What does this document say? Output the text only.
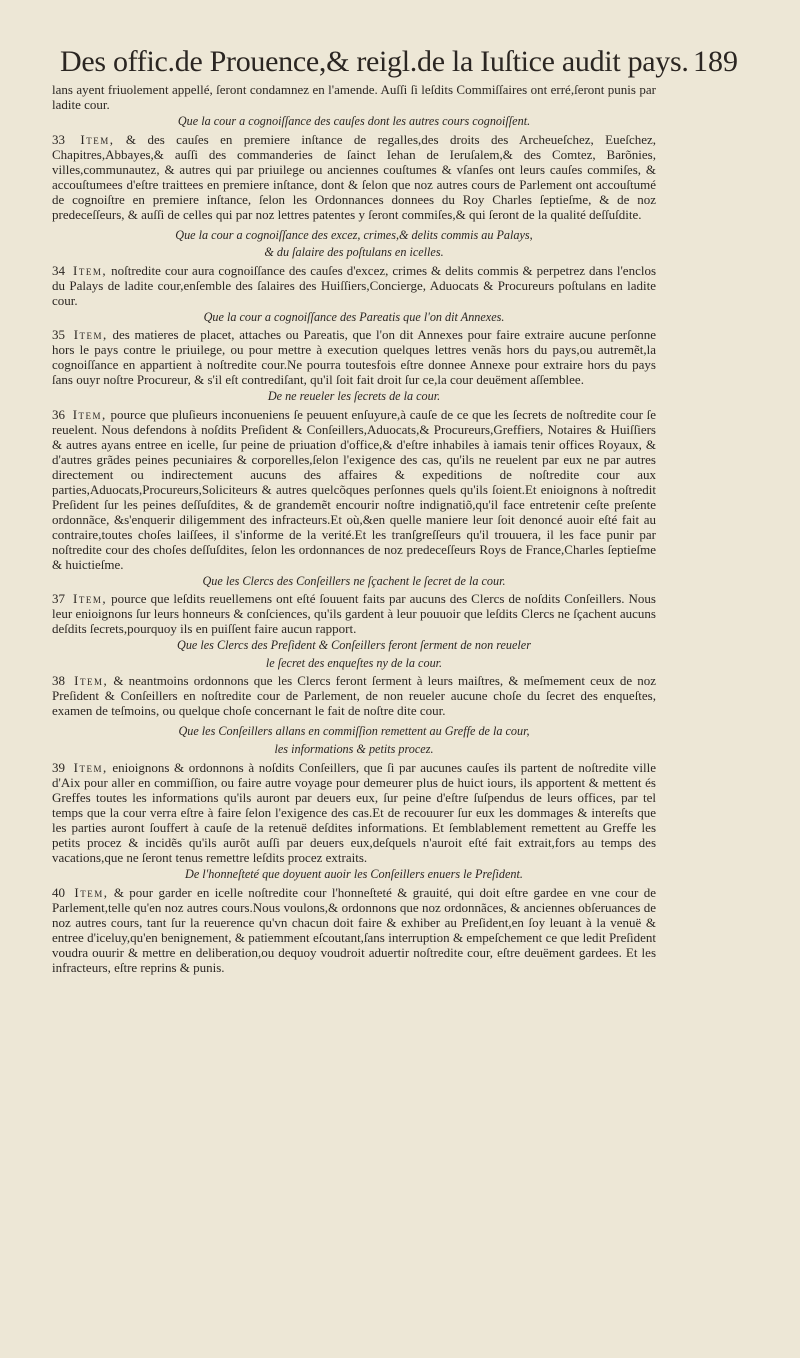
Des offic.de Prouence,& reigl.de la Iuſtice audit pays. 189

lans ayent friuolement appellé, ſeront condamnez en l'amende. Auſſi ſi leſdits Commiſſaires ont erré,ſeront punis par ladite cour.

Que la cour a cognoiſſance des cauſes dont les autres cours cognoiſſent.

33 Item, & des cauſes en premiere inſtance de regalles,des droits des Archeueſchez, Eueſchez, Chapitres,Abbayes,& auſſi des commanderies de ſainct Iehan de Ieruſalem,& des Comtez, Barõnies, villes,communautez, & autres qui par priuilege ou anciennes couſtumes & vſanſes ont leurs cauſes commiſes, & accouſtumees d'eſtre traittees en premiere inſtance, dont & ſelon que noz autres cours de Parlement ont accouſtumé de cognoiſtre en premiere inſtance, ſelon les Ordonnances donnees du Roy Charles ſeptieſme, & de noz predeceſſeurs, & auſſi de celles qui par noz lettres patentes y ſeront commiſes,& qui ſeront de la qualité deſſuſdite.

Que la cour a cognoiſſance des excez, crimes,& delits commis au Palays,
& du ſalaire des poſtulans en icelles.

34 Item, noſtredite cour aura cognoiſſance des cauſes d'excez, crimes & delits commis & perpetrez dans l'enclos du Palays de ladite cour,enſemble des ſalaires des Huiſſiers,Concierge, Aduocats & Procureurs poſtulans en ladite cour.

Que la cour a cognoiſſance des Pareatis que l'on dit Annexes.

35 Item, des matieres de placet, attaches ou Pareatis, que l'on dit Annexes pour faire extraire aucune perſonne hors le pays contre le priuilege, ou pour mettre à execution quelques lettres venãs hors du pays,ou autremẽt,la cognoiſſance en appartient à noſtredite cour.Ne pourra toutesfois eſtre donnee Annexe pour extraire hors du pays ſans ouyr noſtre Procureur, & s'il eſt contrediſant, qu'il ſoit fait droit ſur ce,la cour deuëment aſſemblee.

De ne reueler les ſecrets de la cour.

36 Item, pource que pluſieurs inconueniens ſe peuuent enſuyure,à cauſe de ce que les ſecrets de noſtredite cour ſe reuelent. Nous defendons à noſdits Preſident & Conſeillers,Aduocats,& Procureurs,Greffiers, Notaires & Huiſſiers & autres ayans entree en icelle, ſur peine de priuation d'office,& d'eſtre inhabiles à iamais tenir offices Royaux, & d'autres grãdes peines pecuniaires & corporelles,ſelon l'exigence des cas, qu'ils ne reuelent par eux ne par autres directement ou indirectement aucuns des affaires & expeditions de noſtredite cour aux parties,Aduocats,Procureurs,Soliciteurs & autres quelcõques perſonnes quels qu'ils ſoient.Et enioignons à noſtredit Preſident ſur les peines deſſuſdites, & de grandemẽt encourir noſtre indignatiõ,qu'il face entretenir ceſte preſente ordonnãce, &s'enquerir diligemment des infracteurs.Et où,&en quelle maniere leur ſoit denoncé auoir eſté fait au contraire,toutes choſes laiſſees, il s'informe de la verité.Et les tranſgreſſeurs qu'il trouuera, il les face punir par noſtredite cour des choſes deſſuſdites, ſelon les ordonnances de noz predeceſſeurs Roys de France,Charles ſeptieſme & huictieſme.

Que les Clercs des Conſeillers ne ſçachent le ſecret de la cour.

37 Item, pource que leſdits reuellemens ont eſté ſouuent faits par aucuns des Clercs de noſdits Conſeillers. Nous leur enioignons ſur leurs honneurs & conſciences, qu'ils gardent à leur pouuoir que leſdits Clercs ne ſçachent aucuns deſdits ſecrets,pourquoy ils en puiſſent faire aucun rapport.

Que les Clercs des Preſident & Conſeillers feront ſerment de non reueler
le ſecret des enqueſtes ny de la cour.

38 Item, & neantmoins ordonnons que les Clercs feront ſerment à leurs maiſtres, & meſmement ceux de noz Preſident & Conſeillers en noſtredite cour de Parlement, de non reueler aucune choſe du ſecret des enqueſtes, examen de teſmoins, ou quelque choſe concernant le fait de noſtre dite cour.

Que les Conſeillers allans en commiſſion remettent au Greffe de la cour,
les informations & petits procez.

39 Item, enioignons & ordonnons à noſdits Conſeillers, que ſi par aucunes cauſes ils partent de noſtredite ville d'Aix pour aller en commiſſion, ou faire autre voyage pour demeurer plus de huict iours, ils apportent & mettent és Greffes toutes les informations qu'ils auront par deuers eux, ſur peine d'eſtre ſuſpendus de leurs offices, par tel temps que la cour verra eſtre à faire ſelon l'exigence des cas.Et de recouurer ſur eux les dommages & intereſts que les parties auront ſouffert à cauſe de la retenuë deſdites informations. Et ſemblablement remettent au Greffe les petits procez & incidẽs qu'ils aurõt auſſi par deuers eux,deſquels n'auroit eſté fait extrait,fors au temps des vacations,que ne ſeront tenus remettre leſdits procez extraits.

De l'honneſteté que doyuent auoir les Conſeillers enuers le Preſident.

40 Item, & pour garder en icelle noſtredite cour l'honneſteté & grauité, qui doit eſtre gardee en vne cour de Parlement,telle qu'en noz autres cours.Nous voulons,& ordonnons que noz ordonnãces, & anciennes obſeruances de noz autres cours, tant ſur la reuerence qu'vn chacun doit faire & exhiber au Preſident,en ſoy leuant à la venuë & entree d'iceluy,qu'en benignement, & patiemment eſcoutant,ſans interruption & empeſchement ce que ledit Preſident voudra ouurir & mettre en deliberation,ou dequoy voudroit aduertir noſtredite cour, eſtre deuëment gardees. Et les infracteurs, eſtre reprins & punis.
